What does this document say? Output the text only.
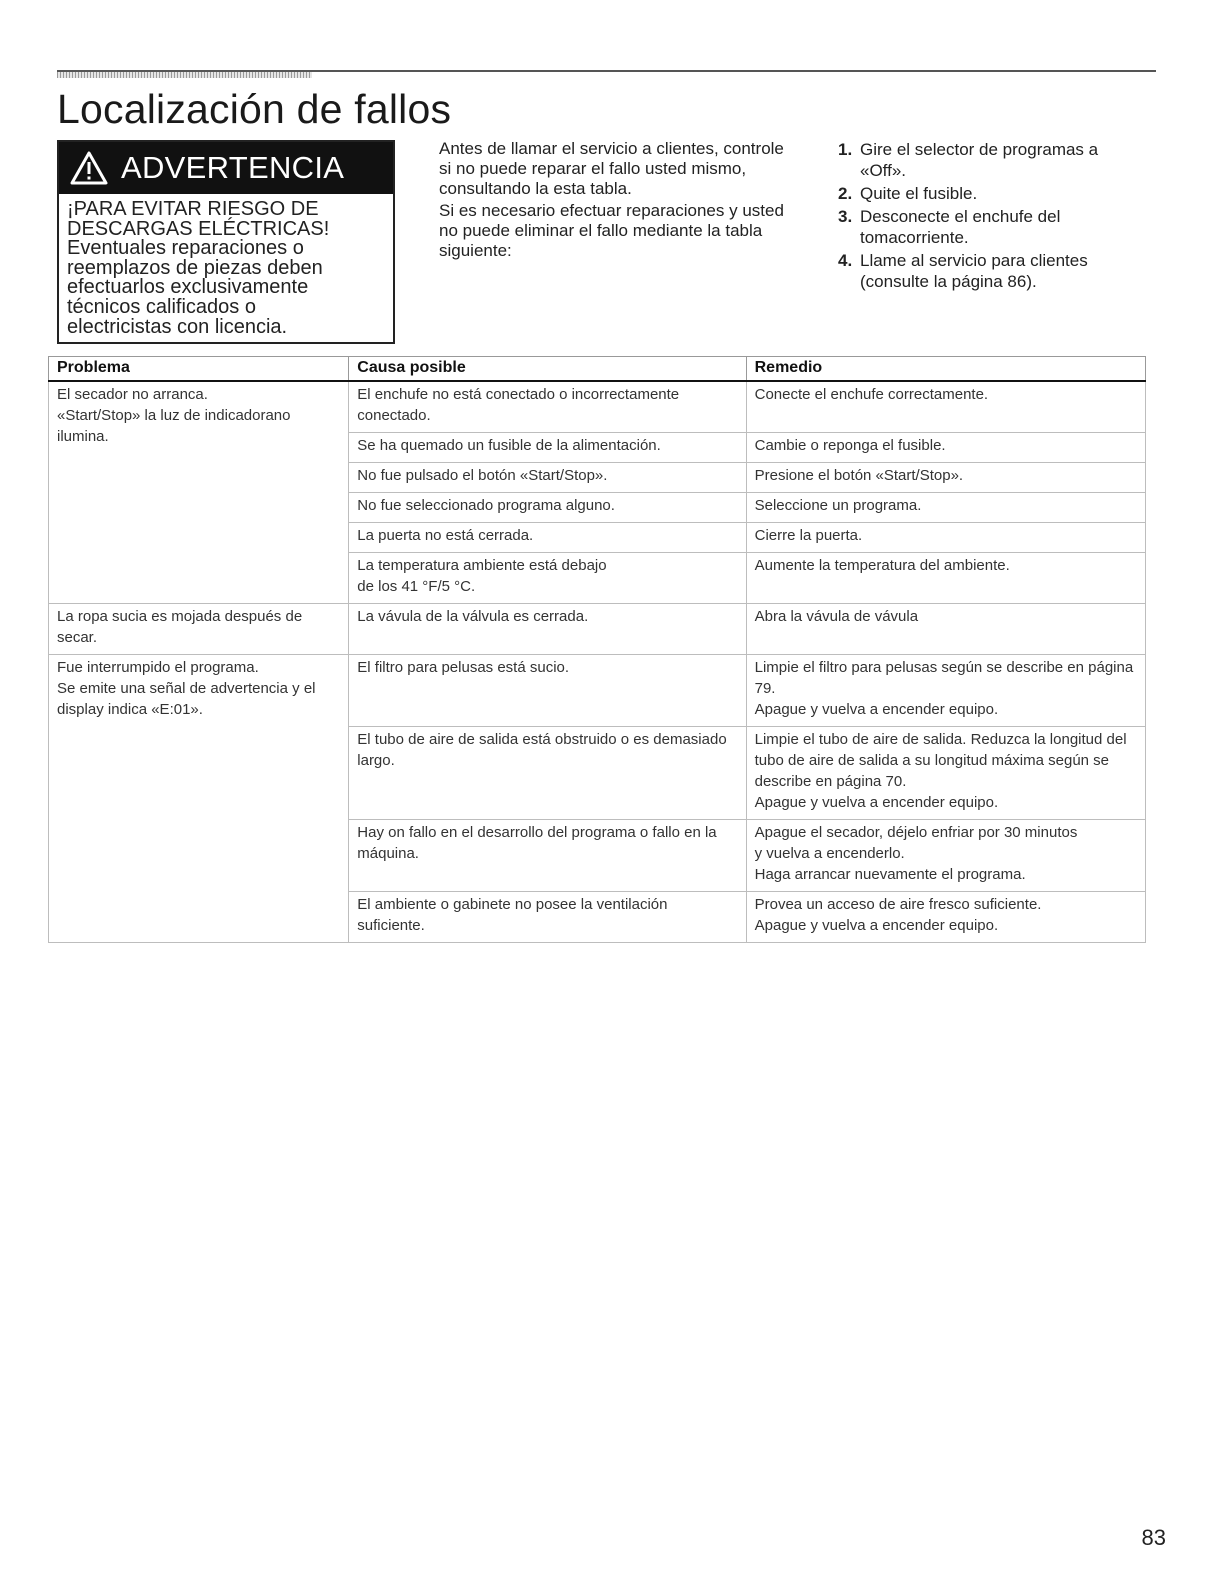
Localización de fallos
ADVERTENCIA
¡PARA EVITAR RIESGO DE
DESCARGAS ELÉCTRICAS!
Eventuales reparaciones o
reemplazos de piezas deben
efectuarlos exclusivamente
técnicos calificados o
electricistas con licencia.

Antes de llamar el servicio a clientes, controle si no puede reparar el fallo usted mismo, consultando la esta tabla.

Si es necesario efectuar reparaciones y usted no puede eliminar el fallo mediante la tabla siguiente:

1. Gire el selector de programas a «Off».
2. Quite el fusible.
3. Desconecte el enchufe del tomacorriente.
4. Llame al servicio para clientes (consulte la página 86).
Problema	Causa posible	Remedio

El secador no arranca.
«Start/Stop» la luz de indicadorano ilumina.	El enchufe no está conectado o incorrectamente conectado.	Conecte el enchufe correctamente.

	Se ha quemado un fusible de la alimentación.	Cambie o reponga el fusible.

	No fue pulsado el botón «Start/Stop».	Presione el botón «Start/Stop».

	No fue seleccionado programa alguno.	Seleccione un programa.

	La puerta no está cerrada.	Cierre la puerta.

	La temperatura ambiente está debajo
de los 41 °F/5 °C.	Aumente la temperatura del ambiente.

La ropa sucia es mojada después de secar.	La vávula de la válvula es cerrada.	Abra la vávula de vávula

Fue interrumpido el programa.
Se emite una señal de advertencia y el display indica «E:01».	El filtro para pelusas está sucio.	Limpie el filtro para pelusas según se describe en página 79.
Apague y vuelva a encender equipo.

	El tubo de aire de salida está obstruido o es demasiado largo.	Limpie el tubo de aire de salida. Reduzca la longitud del tubo de aire de salida a su longitud máxima según se describe en página 70.
Apague y vuelva a encender equipo.

	Hay on fallo en el desarrollo del programa o fallo en la máquina.	Apague el secador, déjelo enfriar por 30 minutos
y vuelva a encenderlo.
Haga arrancar nuevamente el programa.

	El ambiente o gabinete no posee la ventilación suficiente.	Provea un acceso de aire fresco suficiente.
Apague y vuelva a encender equipo.
83
